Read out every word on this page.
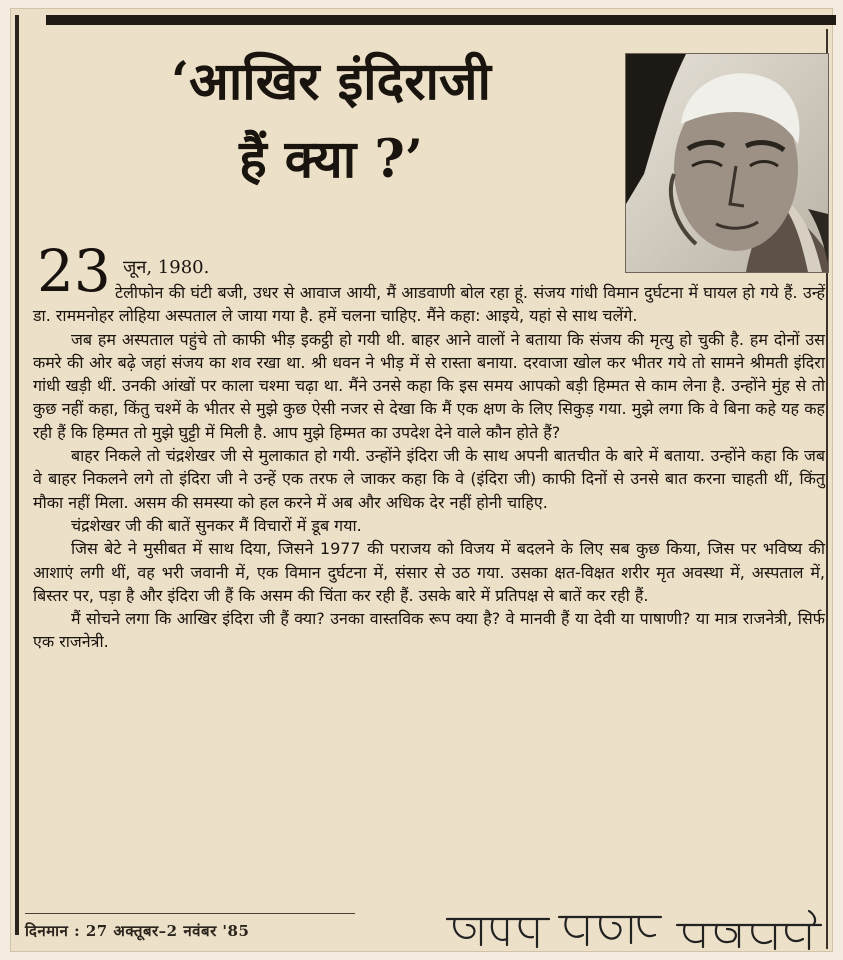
‘आखिर इंदिराजी
हैं क्या ?’
23 जून, 1980.

टेलीफोन की घंटी बजी, उधर से आवाज आयी, मैं आडवाणी बोल रहा हूं. संजय गांधी विमान दुर्घटना में घायल हो गये हैं. उन्हें डा. राममनोहर लोहिया अस्पताल ले जाया गया है. हमें चलना चाहिए. मैंने कहा: आइये, यहां से साथ चलेंगे.

जब हम अस्पताल पहुंचे तो काफी भीड़ इकट्ठी हो गयी थी. बाहर आने वालों ने बताया कि संजय की मृत्यु हो चुकी है. हम दोनों उस कमरे की ओर बढ़े जहां संजय का शव रखा था. श्री धवन ने भीड़ में से रास्ता बनाया. दरवाजा खोल कर भीतर गये तो सामने श्रीमती इंदिरा गांधी खड़ी थीं. उनकी आंखों पर काला चश्मा चढ़ा था. मैंने उनसे कहा कि इस समय आपको बड़ी हिम्मत से काम लेना है. उन्होंने मुंह से तो कुछ नहीं कहा, किंतु चश्में के भीतर से मुझे कुछ ऐसी नजर से देखा कि मैं एक क्षण के लिए सिकुड़ गया. मुझे लगा कि वे बिना कहे यह कह रही हैं कि हिम्मत तो मुझे घुट्टी में मिली है. आप मुझे हिम्मत का उपदेश देने वाले कौन होते हैं?

बाहर निकले तो चंद्रशेखर जी से मुलाकात हो गयी. उन्होंने इंदिरा जी के साथ अपनी बातचीत के बारे में बताया. उन्होंने कहा कि जब वे बाहर निकलने लगे तो इंदिरा जी ने उन्हें एक तरफ ले जाकर कहा कि वे (इंदिरा जी) काफी दिनों से उनसे बात करना चाहती थीं, किंतु मौका नहीं मिला. असम की समस्या को हल करने में अब और अधिक देर नहीं होनी चाहिए.

चंद्रशेखर जी की बातें सुनकर मैं विचारों में डूब गया.

जिस बेटे ने मुसीबत में साथ दिया, जिसने 1977 की पराजय को विजय में बदलने के लिए सब कुछ किया, जिस पर भविष्य की आशाएं लगी थीं, वह भरी जवानी में, एक विमान दुर्घटना में, संसार से उठ गया. उसका क्षत-विक्षत शरीर मृत अवस्था में, अस्पताल में, बिस्तर पर, पड़ा है और इंदिरा जी हैं कि असम की चिंता कर रही हैं. उसके बारे में प्रतिपक्ष से बातें कर रही हैं.

मैं सोचने लगा कि आखिर इंदिरा जी हैं क्या? उनका वास्तविक रूप क्या है? वे मानवी हैं या देवी या पाषाणी? या मात्र राजनेत्री, सिर्फ एक राजनेत्री.

दिनमान : 27 अक्तूबर–2 नवंबर '85
